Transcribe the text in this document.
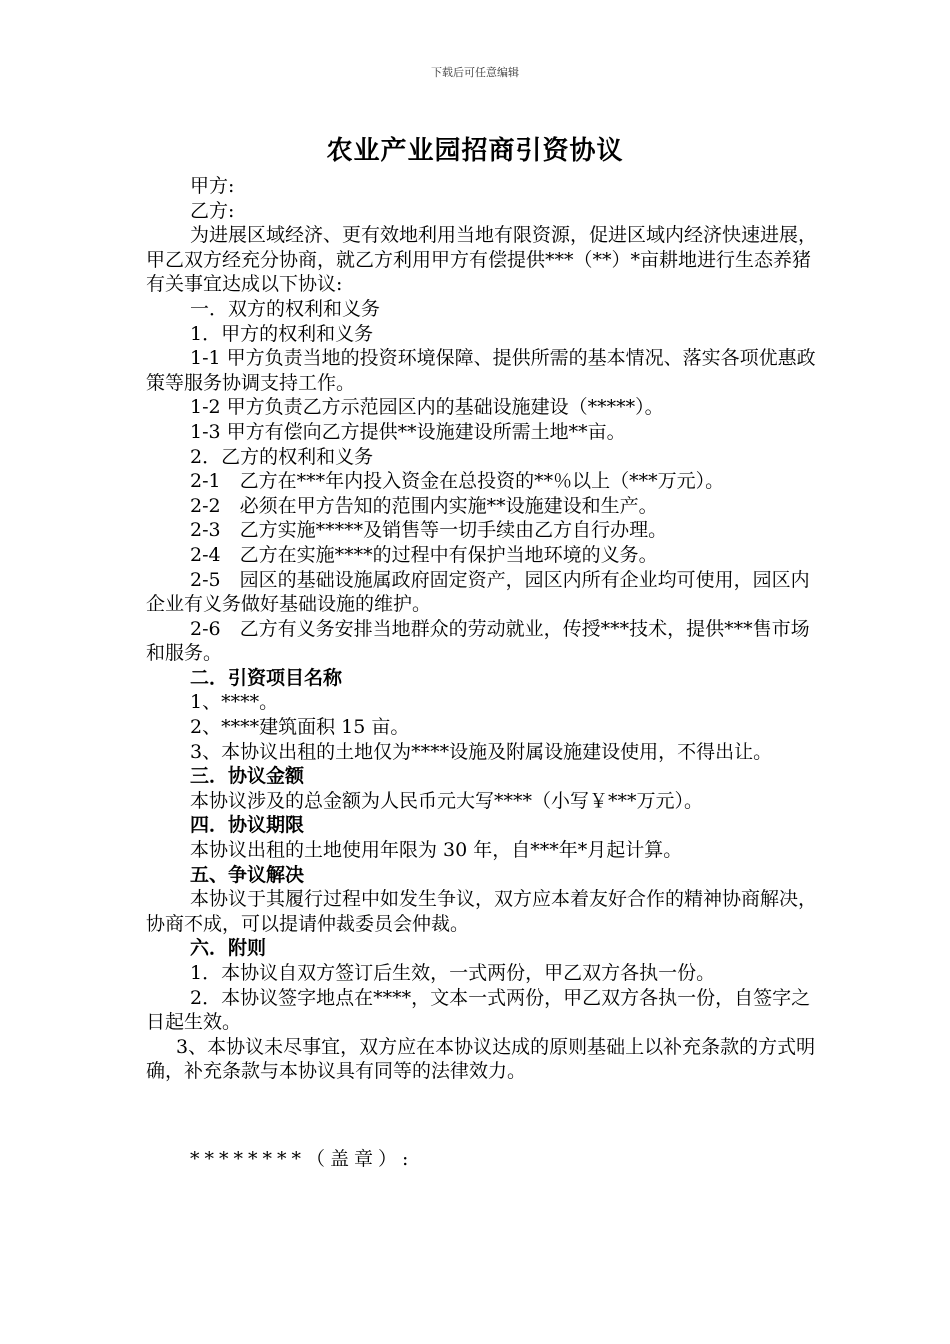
下载后可任意编辑
农业产业园招商引资协议

甲方:

乙方:

为进展区域经济、更有效地利用当地有限资源，促进区域内经济快速进展，甲乙双方经充分协商，就乙方利用甲方有偿提供***（**）*亩耕地进行生态养猪有关事宜达成以下协议:

一．双方的权利和义务

1．甲方的权利和义务

1-1 甲方负责当地的投资环境保障、提供所需的基本情况、落实各项优惠政策等服务协调支持工作。

1-2 甲方负责乙方示范园区内的基础设施建设（*****）。

1-3 甲方有偿向乙方提供**设施建设所需土地**亩。

2．乙方的权利和义务

2-1　乙方在***年内投入资金在总投资的**％以上（***万元）。

2-2　必须在甲方告知的范围内实施**设施建设和生产。

2-3　乙方实施*****及销售等一切手续由乙方自行办理。

2-4　乙方在实施****的过程中有保护当地环境的义务。

2-5　园区的基础设施属政府固定资产，园区内所有企业均可使用，园区内企业有义务做好基础设施的维护。

2-6　乙方有义务安排当地群众的劳动就业，传授***技术，提供***售市场和服务。

二．引资项目名称

1、****。

2、****建筑面积 15 亩。

3、本协议出租的土地仅为****设施及附属设施建设使用，不得出让。

三．协议金额

本协议涉及的总金额为人民币元大写****（小写￥***万元）。

四．协议期限

本协议出租的土地使用年限为 30 年，自***年*月起计算。

五、争议解决

本协议于其履行过程中如发生争议，双方应本着友好合作的精神协商解决，协商不成，可以提请仲裁委员会仲裁。

六．附则

1．本协议自双方签订后生效，一式两份，甲乙双方各执一份。

2．本协议签字地点在****，文本一式两份，甲乙双方各执一份，自签字之日起生效。

3、本协议未尽事宜，双方应在本协议达成的原则基础上以补充条款的方式明确，补充条款与本协议具有同等的法律效力。

********（盖章）:
